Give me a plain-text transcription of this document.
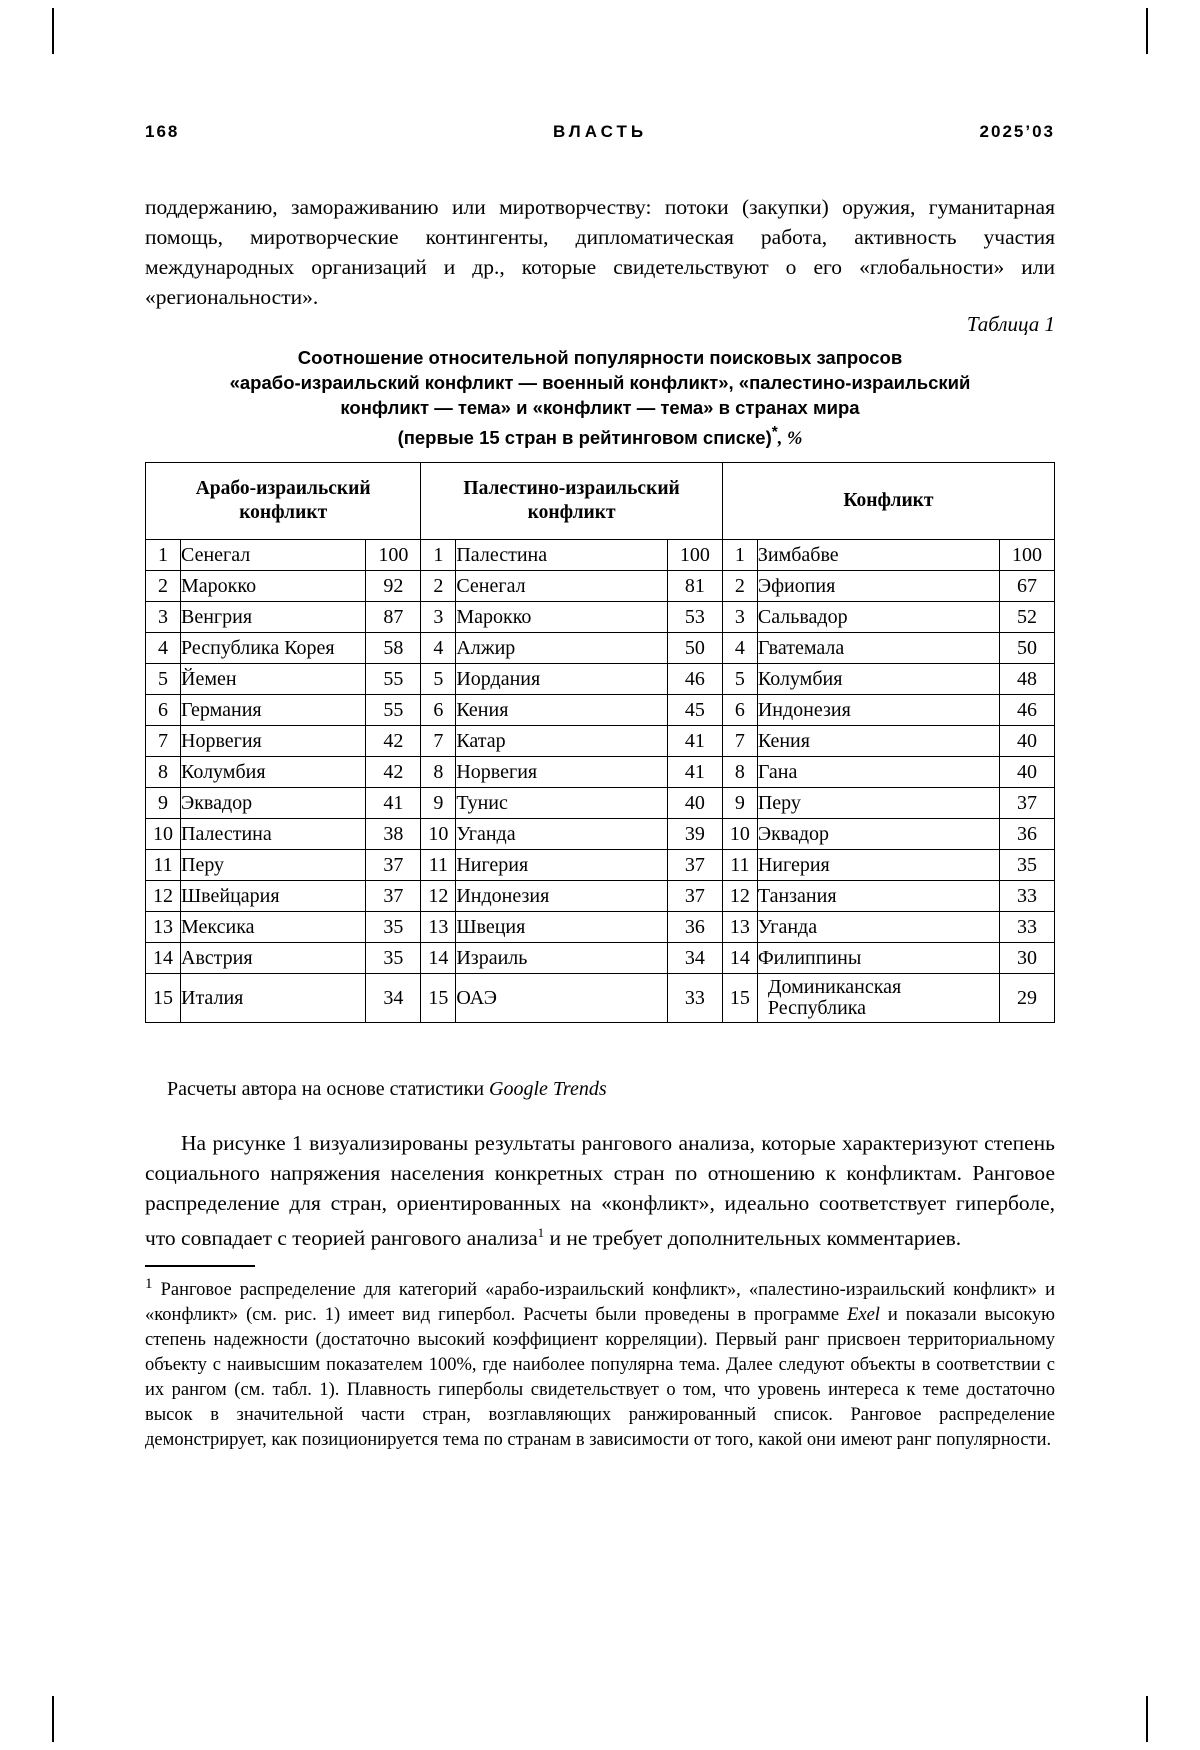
168	ВЛАСТЬ	2025’03
поддержанию, замораживанию или миротворчеству: потоки (закупки) оружия, гуманитарная помощь, миротворческие контингенты, дипломатическая работа, активность участия международных организаций и др., которые свидетельствуют о его «глобальности» или «региональности».
Таблица 1
Соотношение относительной популярности поисковых запросов
«арабо-израильский конфликт — военный конфликт», «палестино-израильский
конфликт — тема» и «конфликт — тема» в странах мира
(первые 15 стран в рейтинговом списке)*, %
Арабо-израильский конфликт			Палестино-израильский конфликт			Конфликт		
1	Сенегал	100	1	Палестина	100	1	Зимбабве	100
2	Марокко	92	2	Сенегал	81	2	Эфиопия	67
3	Венгрия	87	3	Марокко	53	3	Сальвадор	52
4	Республика Корея	58	4	Алжир	50	4	Гватемала	50
5	Йемен	55	5	Иордания	46	5	Колумбия	48
6	Германия	55	6	Кения	45	6	Индонезия	46
7	Норвегия	42	7	Катар	41	7	Кения	40
8	Колумбия	42	8	Норвегия	41	8	Гана	40
9	Эквадор	41	9	Тунис	40	9	Перу	37
10	Палестина	38	10	Уганда	39	10	Эквадор	36
11	Перу	37	11	Нигерия	37	11	Нигерия	35
12	Швейцария	37	12	Индонезия	37	12	Танзания	33
13	Мексика	35	13	Швеция	36	13	Уганда	33
14	Австрия	35	14	Израиль	34	14	Филиппины	30
15	Италия	34	15	ОАЭ	33	15	Доминиканская Республика	29
Расчеты автора на основе статистики Google Trends
На рисунке 1 визуализированы результаты рангового анализа, которые характеризуют степень социального напряжения населения конкретных стран по отношению к конфликтам. Ранговое распределение для стран, ориентированных на «конфликт», идеально соответствует гиперболе, что совпадает с теорией рангового анализа$^1$ и не требует дополнительных комментариев.
$^1$ Ранговое распределение для категорий «арабо-израильский конфликт», «палестино-израильский конфликт» и «конфликт» (см. рис. 1) имеет вид гипербол. Расчеты были проведены в программе Exel и показали высокую степень надежности (достаточно высокий коэффициент корреляции). Первый ранг присвоен территориальному объекту с наивысшим показателем 100%, где наиболее популярна тема. Далее следуют объекты в соответствии с их рангом (см. табл. 1). Плавность гиперболы свидетельствует о том, что уровень интереса к теме достаточно высок в значительной части стран, возглавляющих ранжированный список. Ранговое распределение демонстрирует, как позиционируется тема по странам в зависимости от того, какой они имеют ранг популярности.
